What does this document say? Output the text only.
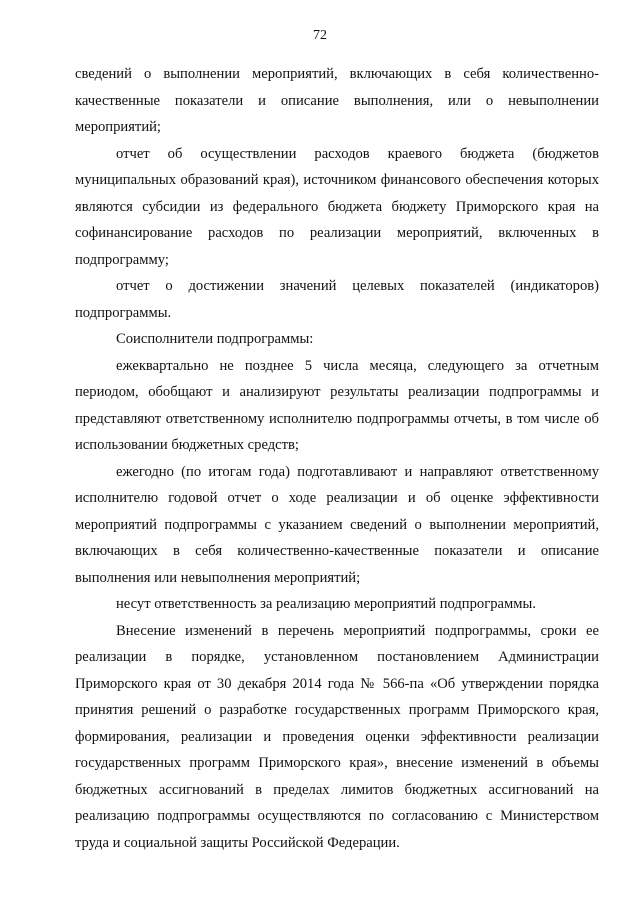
72

сведений о выполнении мероприятий, включающих в себя количественно-качественные показатели и описание выполнения, или о невыполнении мероприятий;

отчет об осуществлении расходов краевого бюджета (бюджетов муниципальных образований края), источником финансового обеспечения которых являются субсидии из федерального бюджета бюджету Приморского края на софинансирование расходов по реализации мероприятий, включенных в подпрограмму;

отчет о достижении значений целевых показателей (индикаторов) подпрограммы.

Соисполнители подпрограммы:

ежеквартально не позднее 5 числа месяца, следующего за отчетным периодом, обобщают и анализируют результаты реализации подпрограммы и представляют ответственному исполнителю подпрограммы отчеты, в том числе об использовании бюджетных средств;

ежегодно (по итогам года) подготавливают и направляют ответственному исполнителю годовой отчет о ходе реализации и об оценке эффективности мероприятий подпрограммы с указанием сведений о выполнении мероприятий, включающих в себя количественно-качественные показатели и описание выполнения или невыполнения мероприятий;

несут ответственность за реализацию мероприятий подпрограммы.

Внесение изменений в перечень мероприятий подпрограммы, сроки ее реализации в порядке, установленном постановлением Администрации Приморского края от 30 декабря 2014 года № 566-па «Об утверждении порядка принятия решений о разработке государственных программ Приморского края, формирования, реализации и проведения оценки эффективности реализации государственных программ Приморского края», внесение изменений в объемы бюджетных ассигнований в пределах лимитов бюджетных ассигнований на реализацию подпрограммы осуществляются по согласованию с Министерством труда и социальной защиты Российской Федерации.
